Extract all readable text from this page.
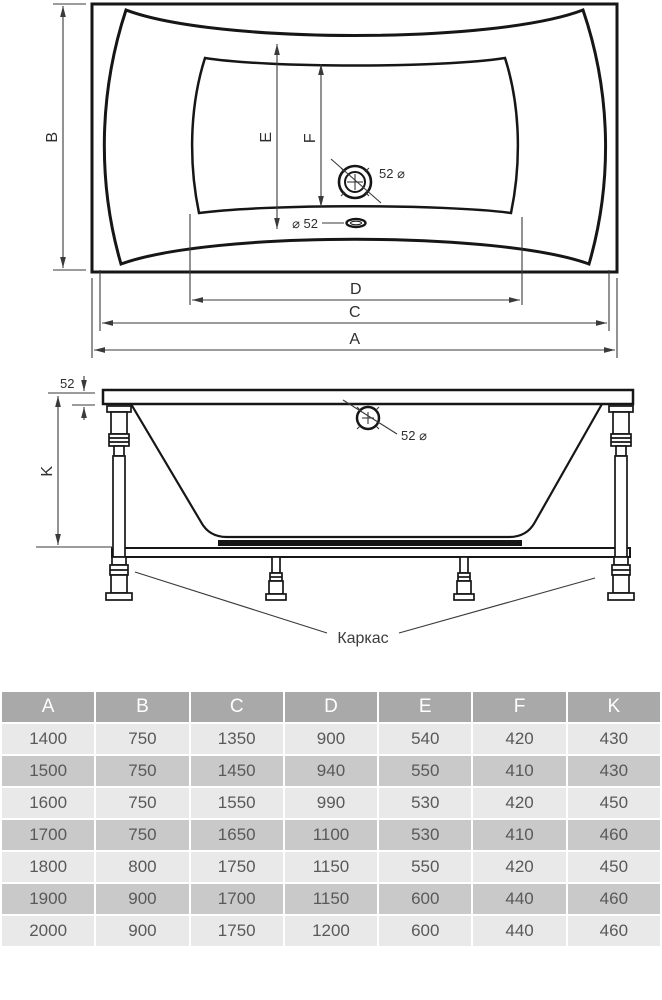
B	E F
52 ⌀
⌀ 52
D
C
A
52
K
52 ⌀
Каркас
A	B	C	D	E	F	K
1400	750	1350	900	540	420	430
1500	750	1450	940	550	410	430
1600	750	1550	990	530	420	450
1700	750	1650	1100	530	410	460
1800	800	1750	1150	550	420	450
1900	900	1700	1150	600	440	460
2000	900	1750	1200	600	440	460
